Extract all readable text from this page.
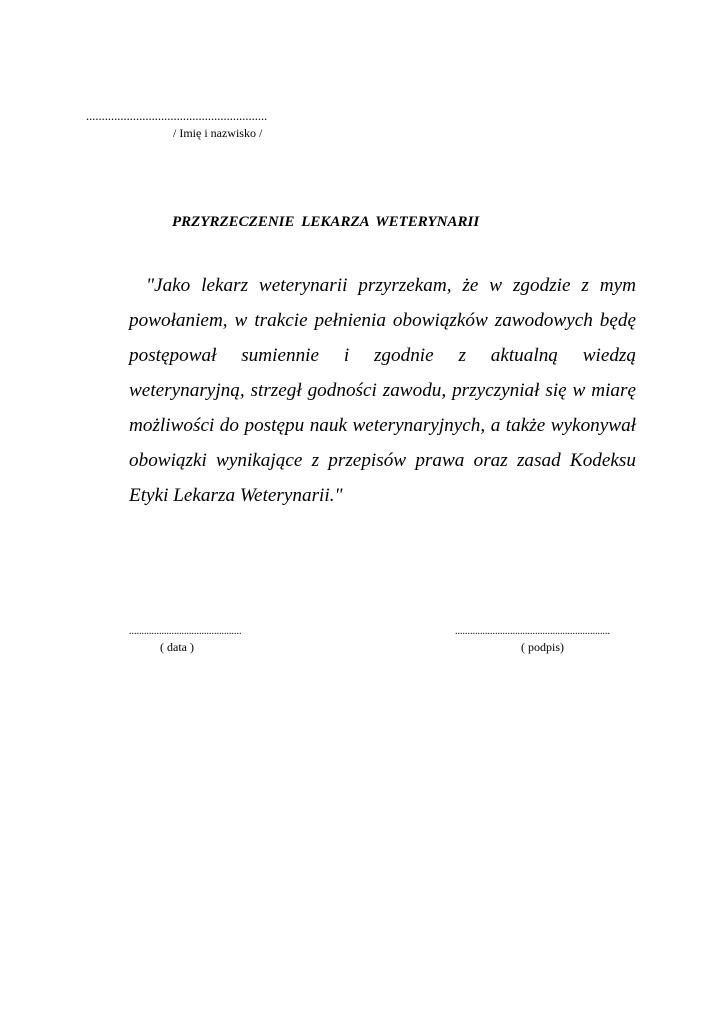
..........................................................
/ Imię i nazwisko /
PRZYRZECZENIE LEKARZA WETERYNARII

"Jako lekarz weterynarii przyrzekam, że w zgodzie z mym powołaniem, w trakcie pełnienia obowiązków zawodowych będę postępował sumiennie i zgodnie z aktualną wiedzą weterynaryjną, strzegł godności zawodu, przyczyniał się w miarę możliwości do postępu nauk weterynaryjnych, a także wykonywał obowiązki wynikające z przepisów prawa oraz zasad Kodeksu Etyki Lekarza Weterynarii."

.............................................
( data )
..............................................................
( podpis)
